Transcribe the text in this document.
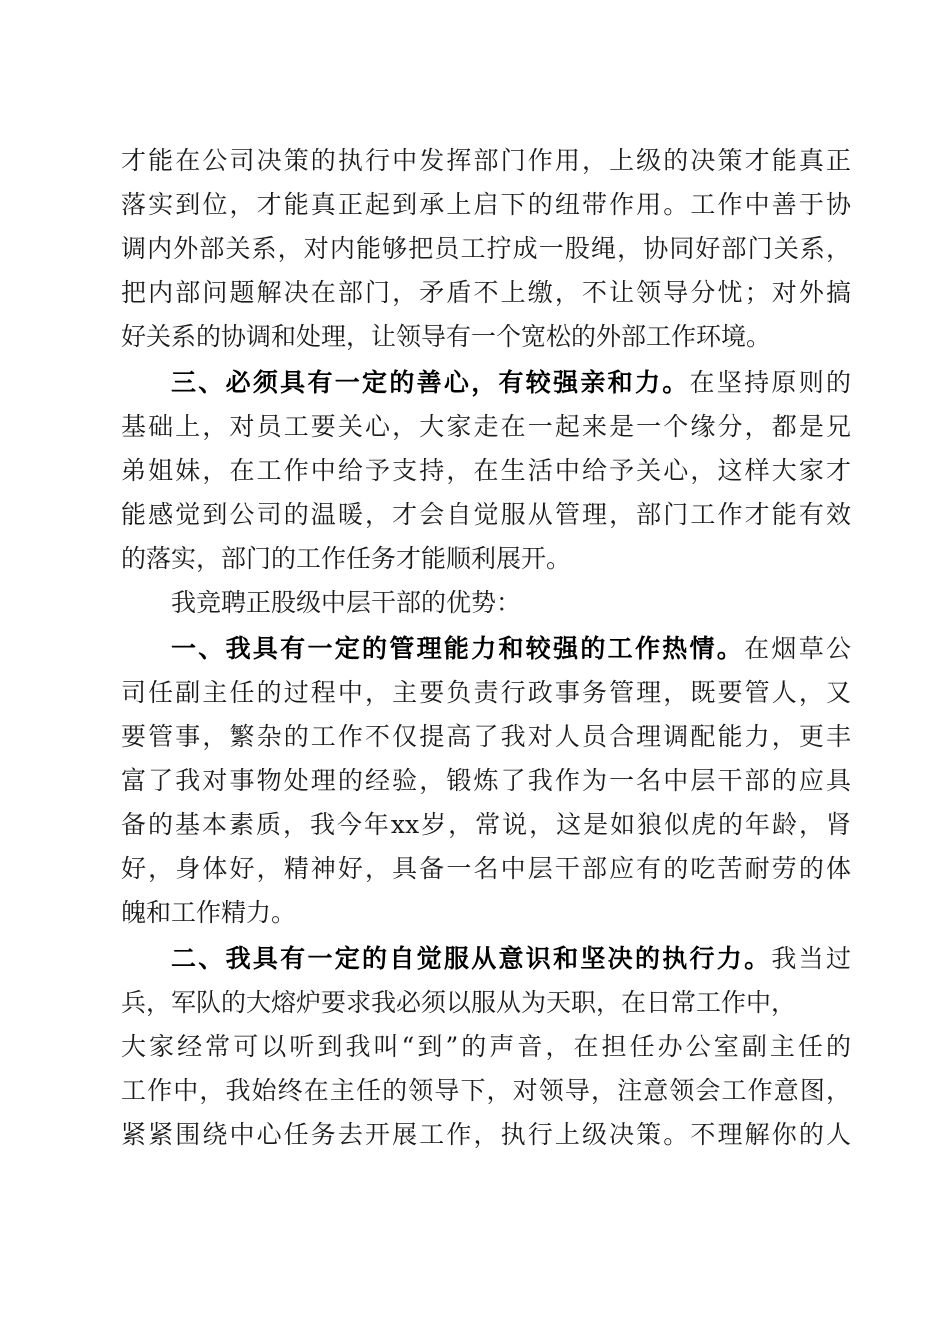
才能在公司决策的执行中发挥部门作用，上级的决策才能真正
落实到位，才能真正起到承上启下的纽带作用。工作中善于协
调内外部关系，对内能够把员工拧成一股绳，协同好部门关系，
把内部问题解决在部门，矛盾不上缴，不让领导分忧；对外搞
好关系的协调和处理，让领导有一个宽松的外部工作环境。
三、必须具有一定的善心，有较强亲和力。在坚持原则的
基础上，对员工要关心，大家走在一起来是一个缘分，都是兄
弟姐妹，在工作中给予支持，在生活中给予关心，这样大家才
能感觉到公司的温暖，才会自觉服从管理，部门工作才能有效
的落实，部门的工作任务才能顺利展开。
我竞聘正股级中层干部的优势：
一、我具有一定的管理能力和较强的工作热情。在烟草公
司任副主任的过程中，主要负责行政事务管理，既要管人，又
要管事，繁杂的工作不仅提高了我对人员合理调配能力，更丰
富了我对事物处理的经验，锻炼了我作为一名中层干部的应具
备的基本素质，我今年xx岁，常说，这是如狼似虎的年龄，肾
好，身体好，精神好，具备一名中层干部应有的吃苦耐劳的体
魄和工作精力。
二、我具有一定的自觉服从意识和坚决的执行力。我当过
兵，军队的大熔炉要求我必须以服从为天职，在日常工作中，
大家经常可以听到我叫“到”的声音，在担任办公室副主任的
工作中，我始终在主任的领导下，对领导，注意领会工作意图，
紧紧围绕中心任务去开展工作，执行上级决策。不理解你的人
